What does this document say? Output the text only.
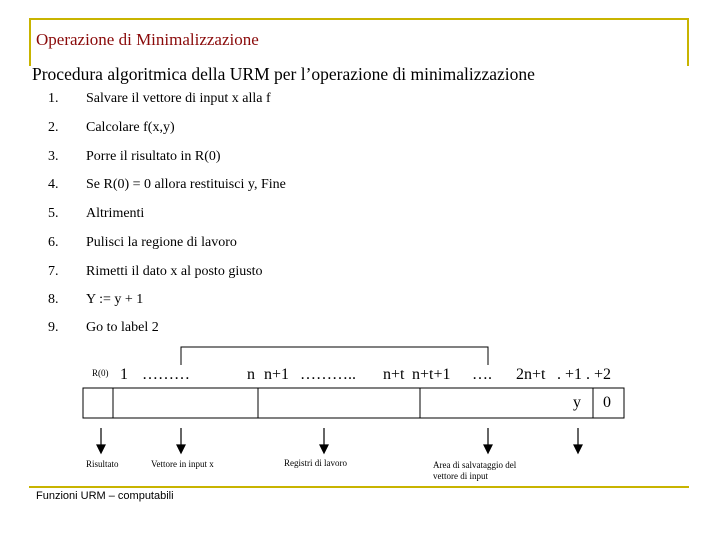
Operazione di Minimalizzazione
Procedura algoritmica della URM per l’operazione di minimalizzazione
1.	Salvare il vettore di input x alla f
2.	Calcolare f(x,y)
3.	Porre il risultato in R(0)
4.	Se R(0) = 0 allora restituisci y, Fine
5.	Altrimenti
6.	Pulisci la regione di lavoro
7.	Rimetti il dato x al posto giusto
8.	Y := y + 1
9.	Go to label 2
R(0) 1 ………	n n+1 ……….. n+t n+t+1 …. 2n+t . +1 . +2
y 0
Risultato	Vettore in input x	Registri di lavoro	Area di salvataggio del
vettore di input
Funzioni URM – computabili
